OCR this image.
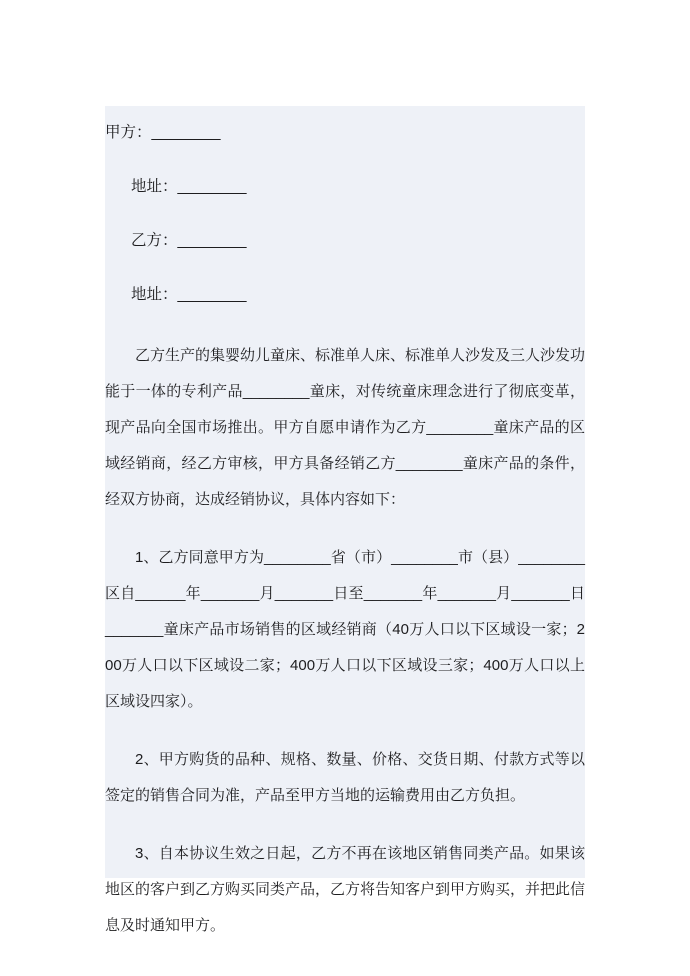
甲方：________
地址：________
乙方：________
地址：________

乙方生产的集婴幼儿童床、标准单人床、标准单人沙发及三人沙发功能于一体的专利产品________童床，对传统童床理念进行了彻底变革，现产品向全国市场推出。甲方自愿申请作为乙方________童床产品的区域经销商，经乙方审核，甲方具备经销乙方________童床产品的条件，经双方协商，达成经销协议，具体内容如下：

1、乙方同意甲方为________省（市）________市（县）________区自______年_______月_______日至_______年_______月_______日_______童床产品市场销售的区域经销商（40万人口以下区域设一家；200万人口以下区域设二家；400万人口以下区域设三家；400万人口以上区域设四家）。

2、甲方购货的品种、规格、数量、价格、交货日期、付款方式等以签定的销售合同为准，产品至甲方当地的运输费用由乙方负担。

3、自本协议生效之日起，乙方不再在该地区销售同类产品。如果该地区的客户到乙方购买同类产品，乙方将告知客户到甲方购买，并把此信息及时通知甲方。
